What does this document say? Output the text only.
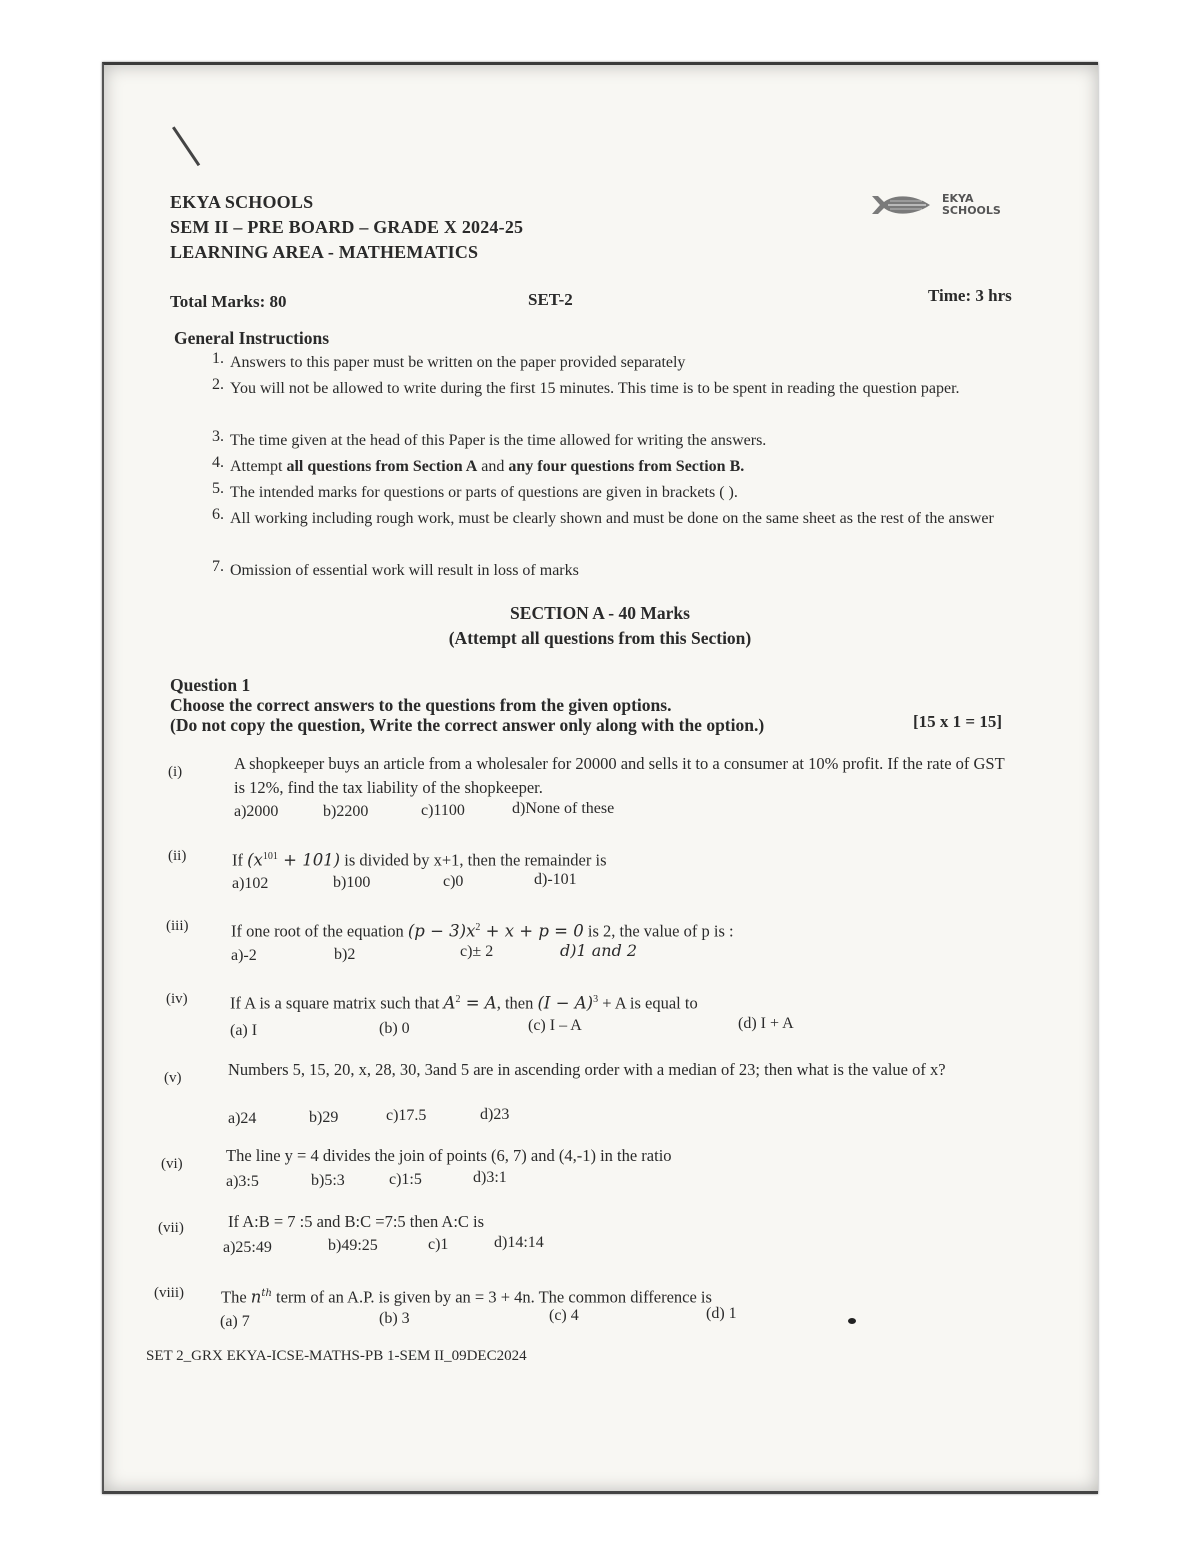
EKYA SCHOOLS
SEM II – PRE BOARD – GRADE X 2024-25
LEARNING AREA - MATHEMATICS
EKYA
SCHOOLS
Total Marks: 80	SET-2	Time: 3 hrs
General Instructions
1. Answers to this paper must be written on the paper provided separately
2. You will not be allowed to write during the first 15 minutes. This time is to be spent in reading the question paper.
3. The time given at the head of this Paper is the time allowed for writing the answers.
4. Attempt all questions from Section A and any four questions from Section B.
5. The intended marks for questions or parts of questions are given in brackets ( ).
6. All working including rough work, must be clearly shown and must be done on the same sheet as the rest of the answer
7. Omission of essential work will result in loss of marks
SECTION A - 40 Marks
(Attempt all questions from this Section)
Question 1
Choose the correct answers to the questions from the given options.
(Do not copy the question, Write the correct answer only along with the option.)	[15 x 1 = 15]
(i)	A shopkeeper buys an article from a wholesaler for 20000 and sells it to a consumer at 10% profit. If the rate of GST is 12%, find the tax liability of the shopkeeper.
a)2000	b)2200	c)1100	d)None of these
(ii)	If $(x^{101} + 101)$ is divided by x+1, then the remainder is
a)102	b)100	c)0	d)-101
(iii)	If one root of the equation $(p - 3)x^2 + x + p = 0$ is 2, the value of p is :
a)-2	b)2	c)± 2	d)1 and 2
(iv)	If A is a square matrix such that $A^2 = A$, then $(I - A)^3 + A$ is equal to
(a) I	(b) 0	(c) I – A	(d) I + A
(v)	Numbers 5, 15, 20, x, 28, 30, 3and 5 are in ascending order with a median of 23; then what is the value of x?
a)24	b)29	c)17.5	d)23
(vi)	The line y = 4 divides the join of points (6, 7) and (4,-1) in the ratio
a)3:5	b)5:3	c)1:5	d)3:1
(vii)	If A:B = 7 :5 and B:C =7:5 then A:C is
a)25:49	b)49:25	c)1	d)14:14
(viii) The $n^{th}$ term of an A.P. is given by an = 3 + 4n. The common difference is
(a) 7	(b) 3	(c) 4	(d) 1
SET 2_GRX EKYA-ICSE-MATHS-PB 1-SEM II_09DEC2024
